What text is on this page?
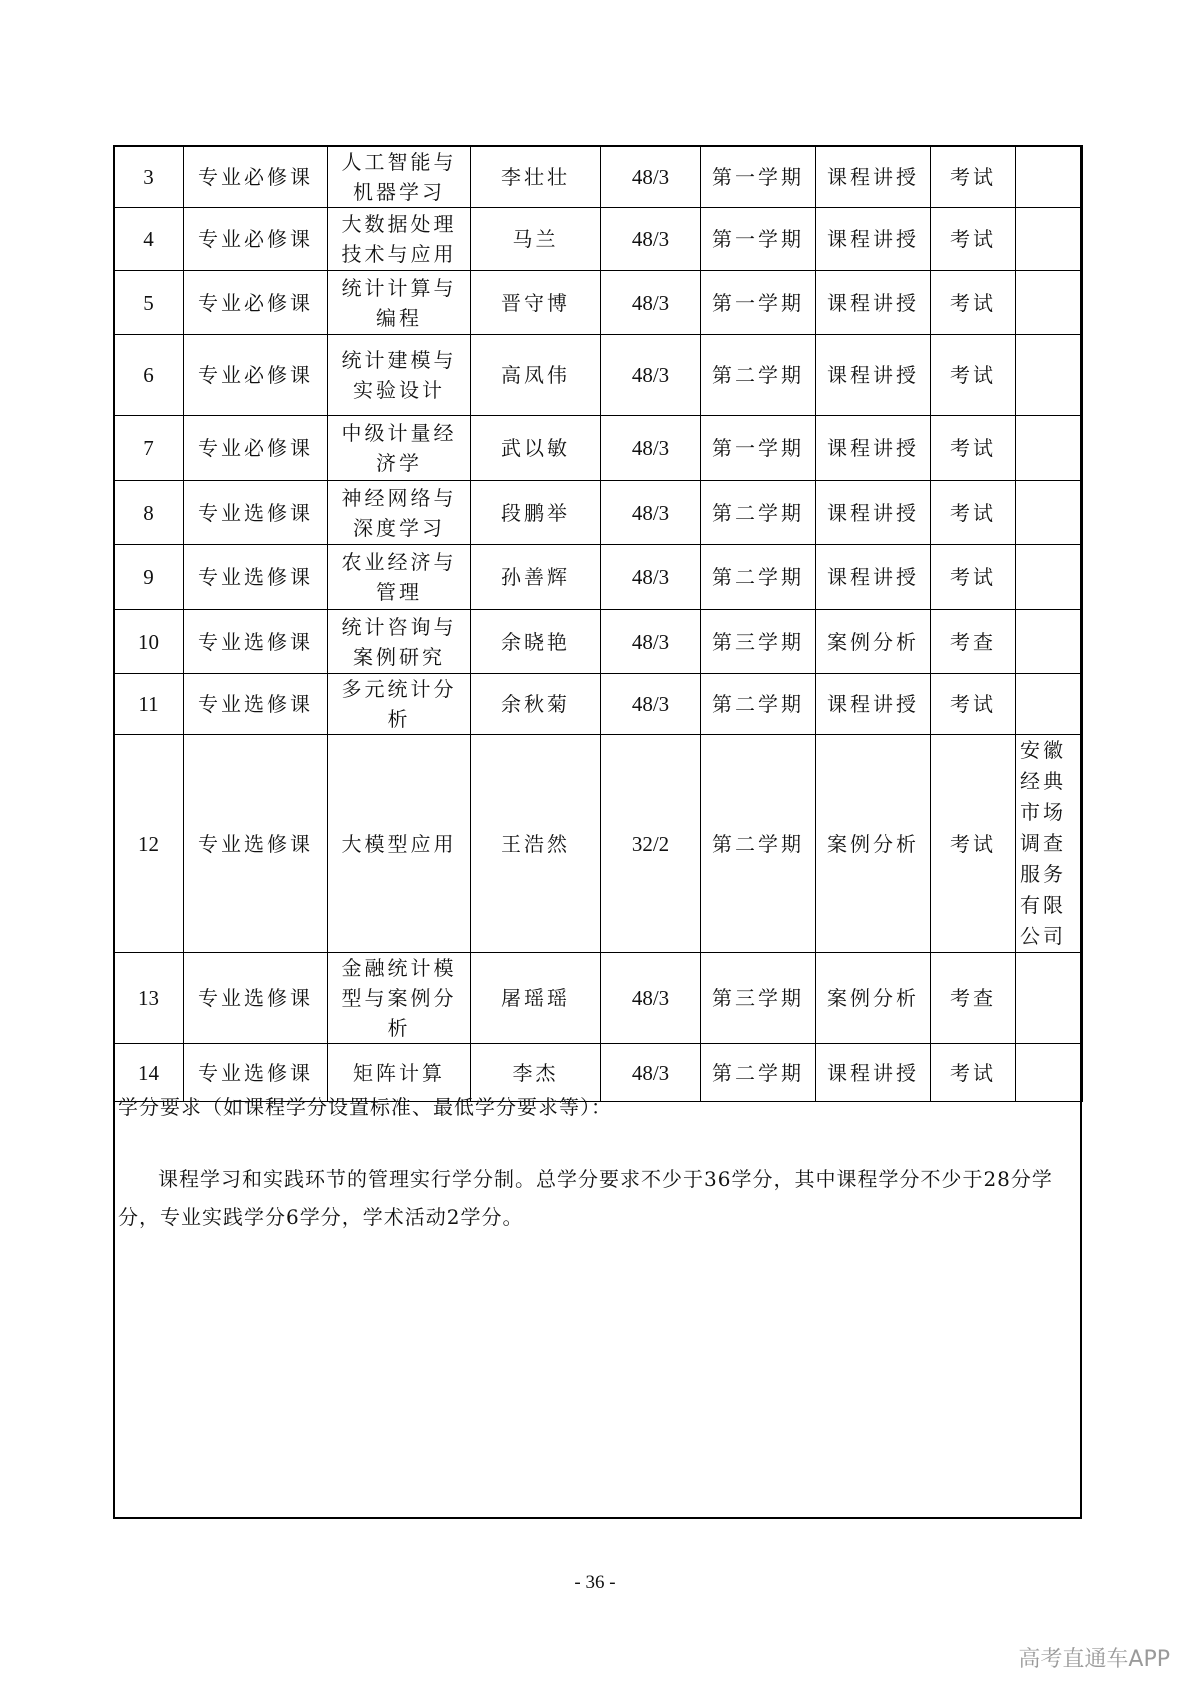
3	专业必修课	人工智能与机器学习	李壮壮	48/3	第一学期	课程讲授	考试	
4	专业必修课	大数据处理技术与应用	马兰	48/3	第一学期	课程讲授	考试	
5	专业必修课	统计计算与编程	晋守博	48/3	第一学期	课程讲授	考试	
6	专业必修课	统计建模与实验设计	高凤伟	48/3	第二学期	课程讲授	考试	
7	专业必修课	中级计量经济学	武以敏	48/3	第一学期	课程讲授	考试	
8	专业选修课	神经网络与深度学习	段鹏举	48/3	第二学期	课程讲授	考试	
9	专业选修课	农业经济与管理	孙善辉	48/3	第二学期	课程讲授	考试	
10	专业选修课	统计咨询与案例研究	余晓艳	48/3	第三学期	案例分析	考查	
11	专业选修课	多元统计分析	余秋菊	48/3	第二学期	课程讲授	考试	
12	专业选修课	大模型应用	王浩然	32/2	第二学期	案例分析	考试	安徽经典市场调查服务有限公司
13	专业选修课	金融统计模型与案例分析	屠瑶瑶	48/3	第三学期	案例分析	考查	
14	专业选修课	矩阵计算	李杰	48/3	第二学期	课程讲授	考试	
学分要求（如课程学分设置标准、最低学分要求等）：
课程学习和实践环节的管理实行学分制。总学分要求不少于36学分，其中课程学分不少于28分学分，专业实践学分6学分，学术活动2学分。
- 36 -
高考直通车APP
